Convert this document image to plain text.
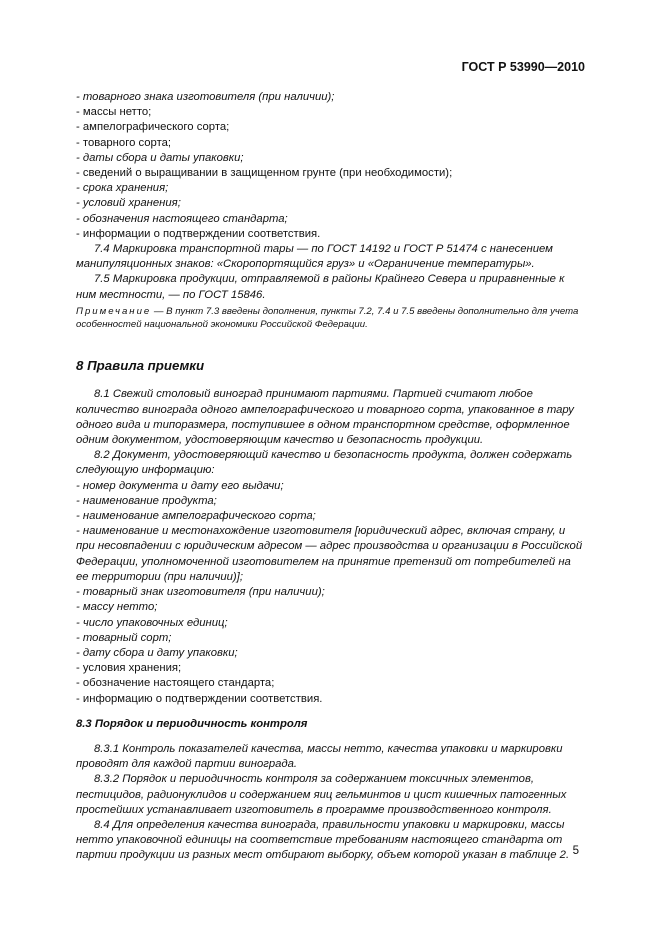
ГОСТ Р 53990—2010

- товарного знака изготовителя (при наличии);

- массы нетто;

- ампелографического сорта;

- товарного сорта;

- даты сбора и даты упаковки;

- сведений о выращивании в защищенном грунте (при необходимости);

- срока хранения;

- условий хранения;

- обозначения настоящего стандарта;

- информации о подтверждении соответствия.

7.4 Маркировка транспортной тары — по ГОСТ 14192 и ГОСТ Р 51474 с нанесением манипуляционных знаков: «Скоропортящийся груз» и «Ограничение температуры».

7.5 Маркировка продукции, отправляемой в районы Крайнего Севера и приравненные к ним местности, — по ГОСТ 15846.

Примечание — В пункт 7.3 введены дополнения, пункты 7.2, 7.4 и 7.5 введены дополнительно для учета особенностей национальной экономики Российской Федерации.

8 Правила приемки

8.1 Свежий столовый виноград принимают партиями. Партией считают любое количество винограда одного ампелографического и товарного сорта, упакованное в тару одного вида и типоразмера, поступившее в одном транспортном средстве, оформленное одним документом, удостоверяющим качество и безопасность продукции.

8.2 Документ, удостоверяющий качество и безопасность продукта, должен содержать следующую информацию:

- номер документа и дату его выдачи;

- наименование продукта;

- наименование ампелографического сорта;

- наименование и местонахождение изготовителя [юридический адрес, включая страну, и при несовпадении с юридическим адресом — адрес производства и организации в Российской Федерации, уполномоченной изготовителем на принятие претензий от потребителей на ее территории (при наличии)];

- товарный знак изготовителя (при наличии);

- массу нетто;

- число упаковочных единиц;

- товарный сорт;

- дату сбора и дату упаковки;

- условия хранения;

- обозначение настоящего стандарта;

- информацию о подтверждении соответствия.

8.3 Порядок и периодичность контроля

8.3.1 Контроль показателей качества, массы нетто, качества упаковки и маркировки проводят для каждой партии винограда.

8.3.2 Порядок и периодичность контроля за содержанием токсичных элементов, пестицидов, радионуклидов и содержанием яиц гельминтов и цист кишечных патогенных простейших устанавливает изготовитель в программе производственного контроля.

8.4 Для определения качества винограда, правильности упаковки и маркировки, массы нетто упаковочной единицы на соответствие требованиям настоящего стандарта от партии продукции из разных мест отбирают выборку, объем которой указан в таблице 2. 5
